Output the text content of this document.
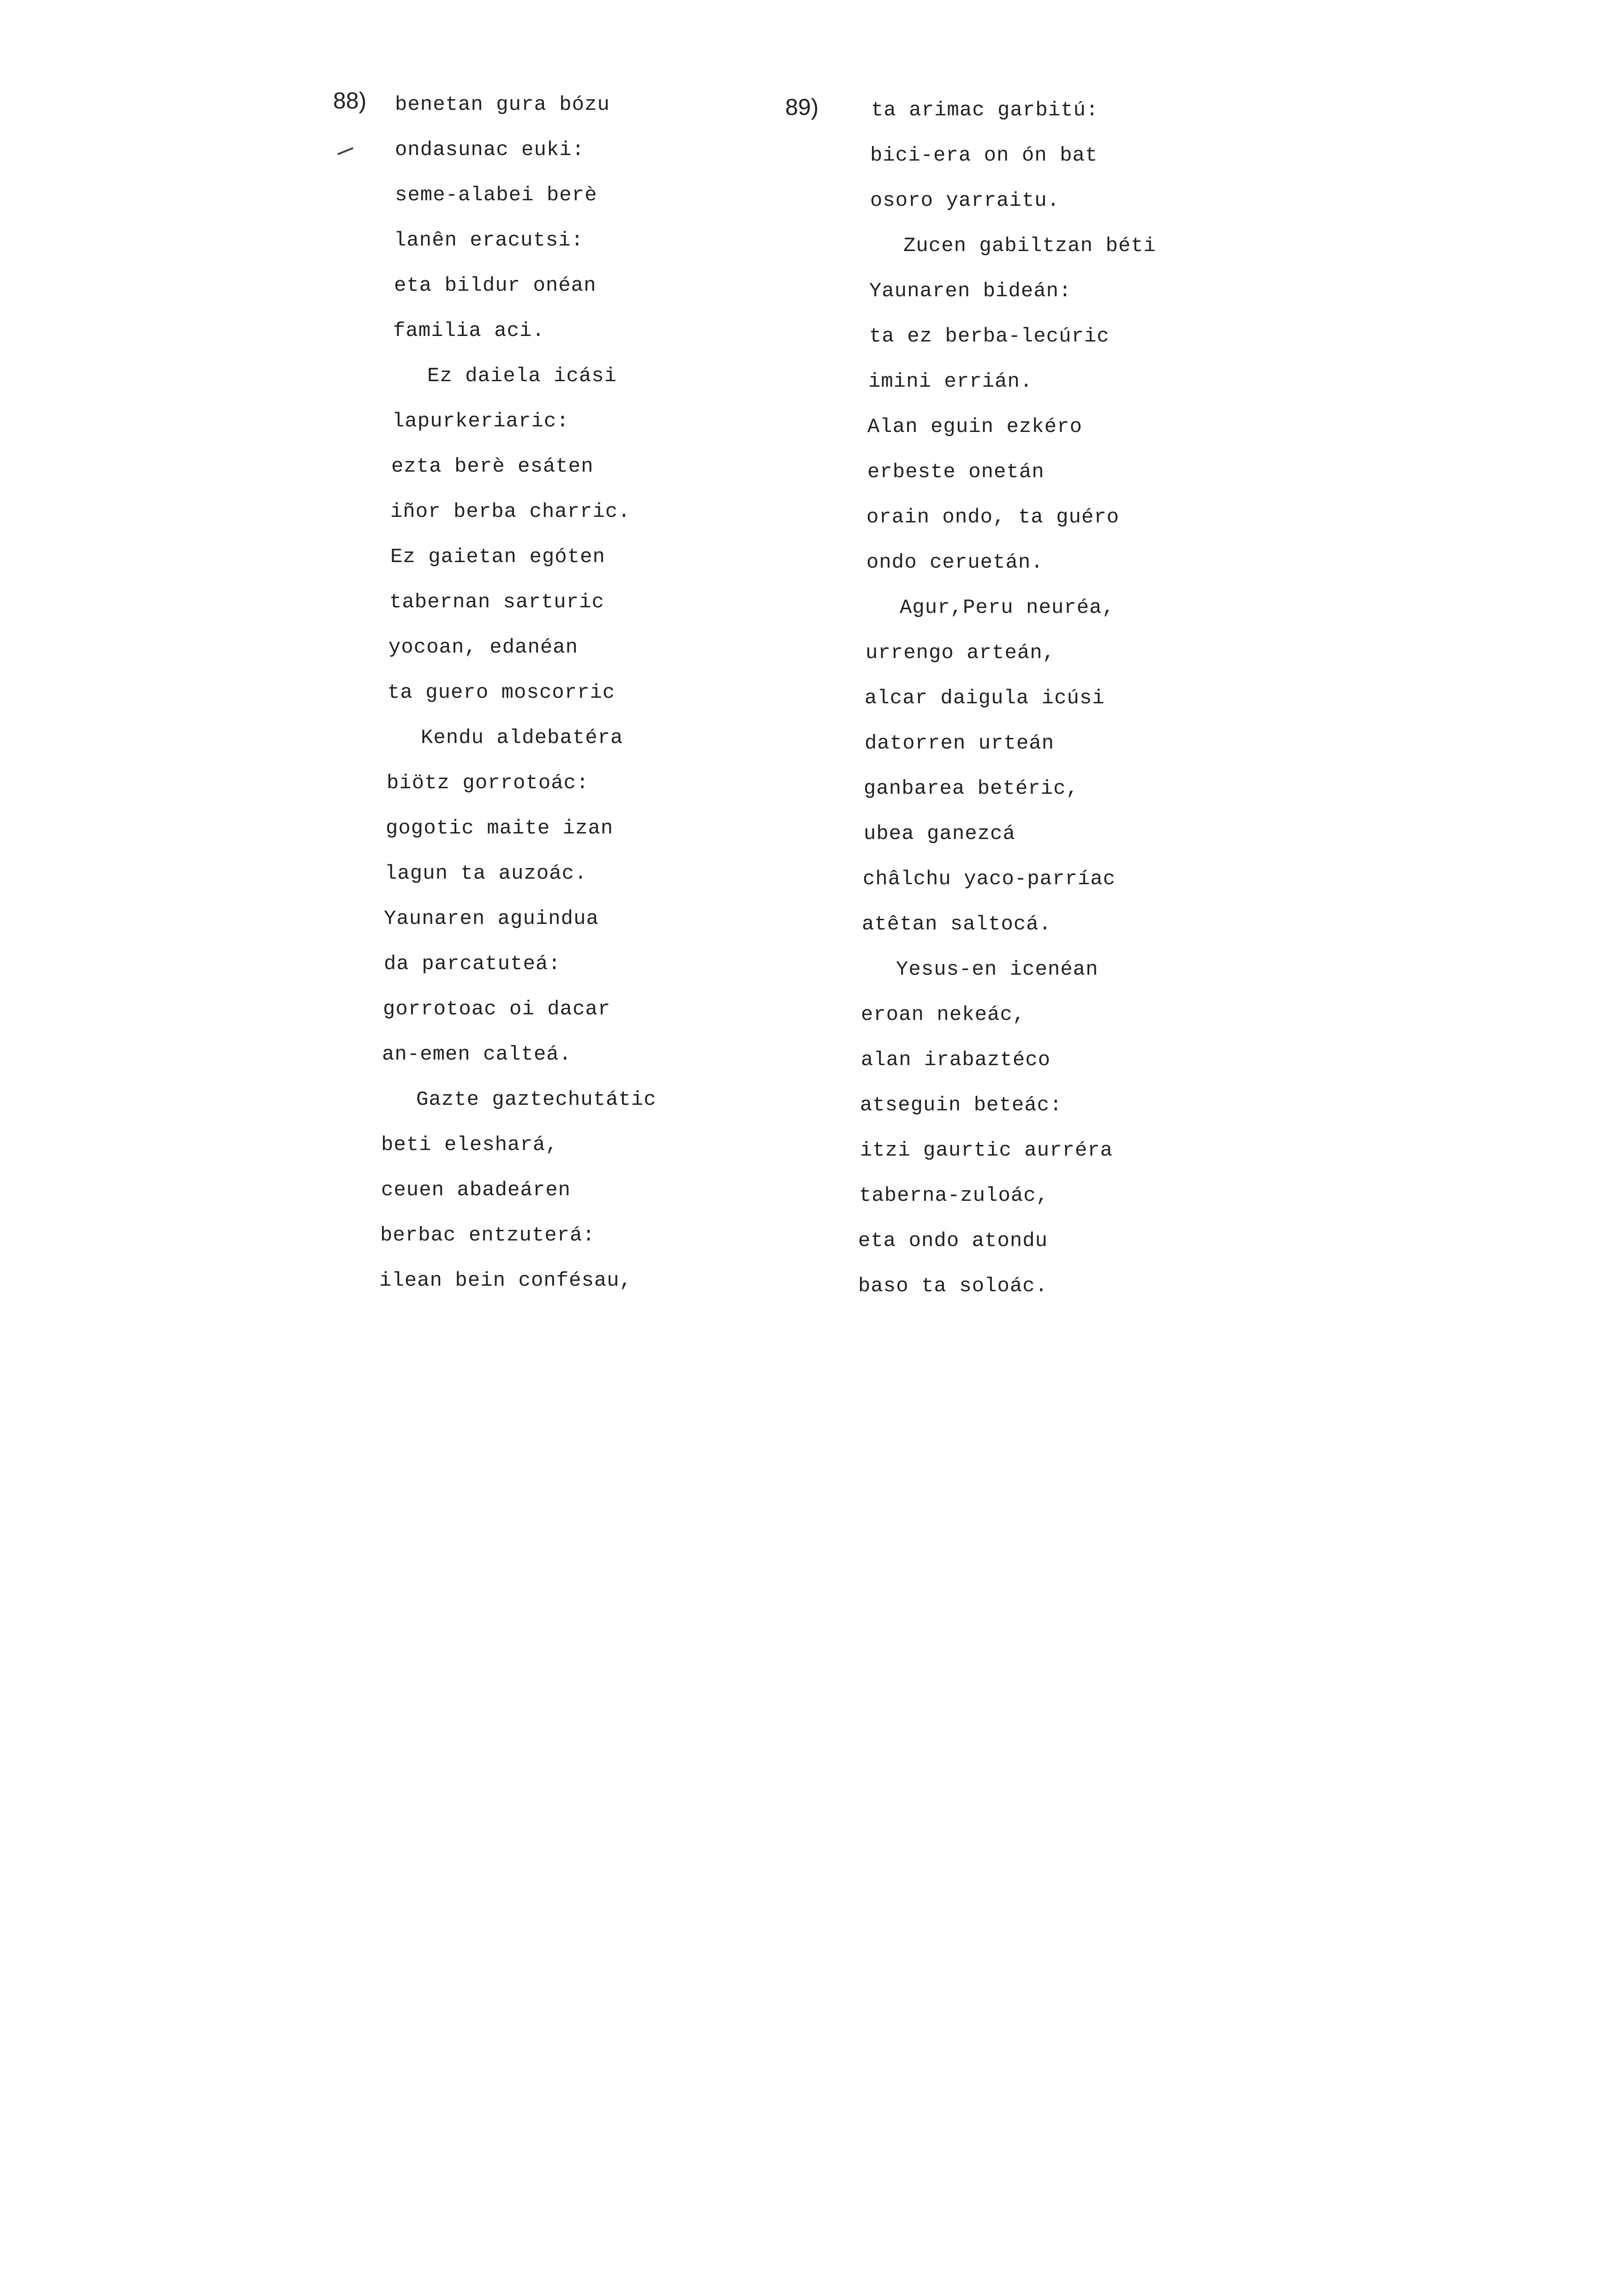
88)	89)
benetan gura bózu
ondasunac euki:
seme-alabei berè
lanên eracutsi:
eta bildur onéan
familia aci.
Ez daiela icási
lapurkeriaric:
ezta berè esáten
iñor berba charric.
Ez gaietan egóten
tabernan sarturic
yocoan, edanéan
ta guero moscorric
Kendu aldebatéra
biötz gorrotoác:
gogotic maite izan
lagun ta auzoác.
Yaunaren aguindua
da parcatuteá:
gorrotoac oi dacar
an-emen calteá.
Gazte gaztechutátic
beti eleshará,
ceuen abadeáren
berbac entzuterá:
ilean bein confésau,
ta arimac garbitú:
bici-era on ón bat
osoro yarraitu.
Zucen gabiltzan béti
Yaunaren bideán:
ta ez berba-lecúric
imini errián.
Alan eguin ezkéro
erbeste onetán
orain ondo, ta guéro
ondo ceruetán.
Agur,Peru neuréa,
urrengo arteán,
alcar daigula icúsi
datorren urteán
ganbarea betéric,
ubea ganezcá
châlchu yaco-parríac
atêtan saltocá.
Yesus-en icenéan
eroan nekeác,
alan irabaztéco
atseguin beteác:
itzi gaurtic aurréra
taberna-zuloác,
eta ondo atondu
baso ta soloác.
